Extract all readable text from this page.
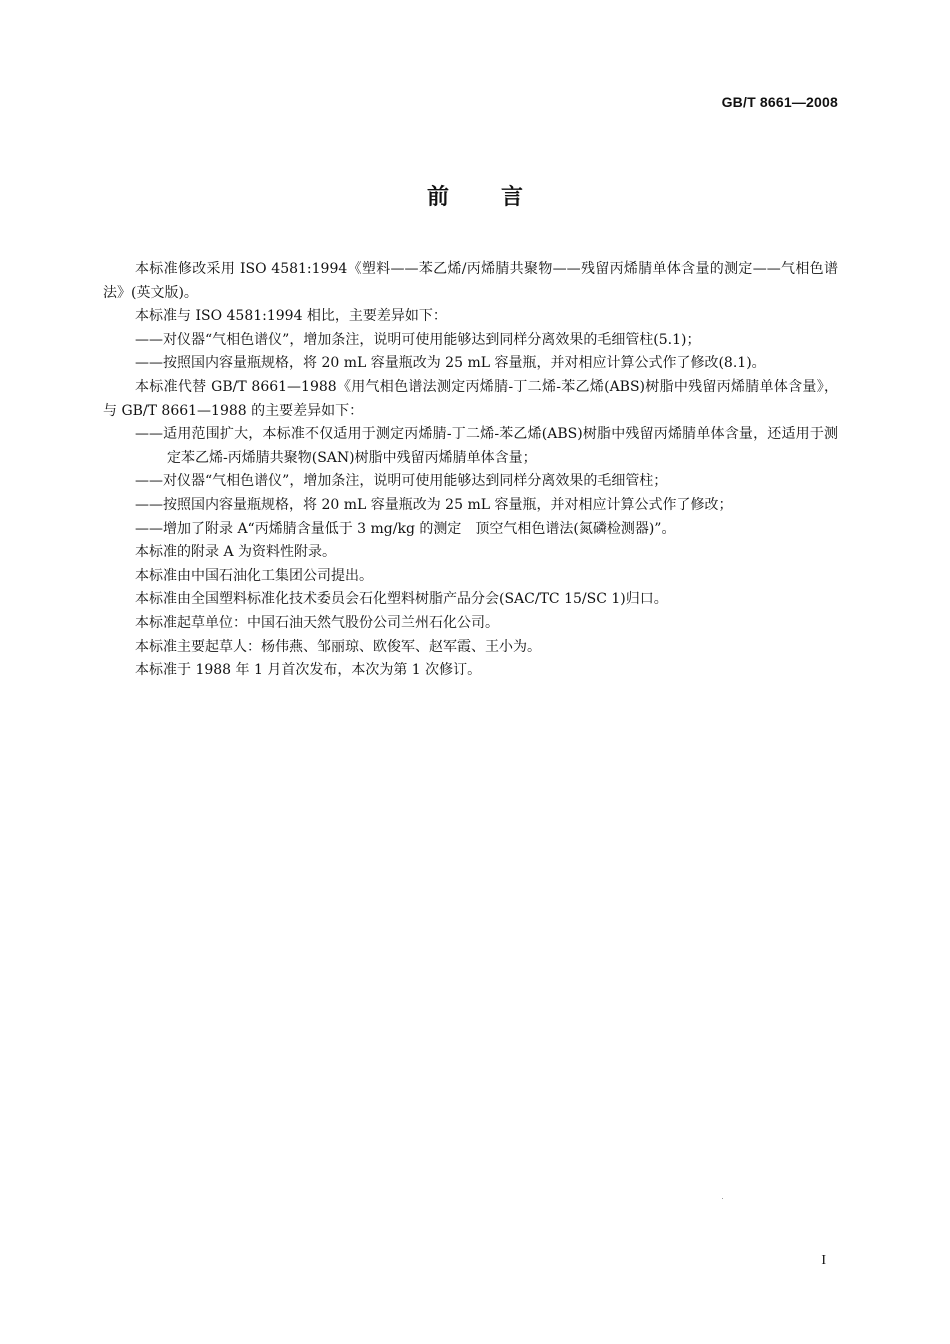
GB/T 8661—2008
前言
本标准修改采用 ISO 4581:1994《塑料——苯乙烯/丙烯腈共聚物——残留丙烯腈单体含量的测定——气相色谱法》(英文版)。
本标准与 ISO 4581:1994 相比，主要差异如下：
——对仪器“气相色谱仪”，增加条注，说明可使用能够达到同样分离效果的毛细管柱(5.1)；
——按照国内容量瓶规格，将 20 mL 容量瓶改为 25 mL 容量瓶，并对相应计算公式作了修改(8.1)。
本标准代替 GB/T 8661—1988《用气相色谱法测定丙烯腈-丁二烯-苯乙烯(ABS)树脂中残留丙烯腈单体含量》，与 GB/T 8661—1988 的主要差异如下：
——适用范围扩大，本标准不仅适用于测定丙烯腈-丁二烯-苯乙烯(ABS)树脂中残留丙烯腈单体含量，还适用于测定苯乙烯-丙烯腈共聚物(SAN)树脂中残留丙烯腈单体含量；
——对仪器“气相色谱仪”，增加条注，说明可使用能够达到同样分离效果的毛细管柱；
——按照国内容量瓶规格，将 20 mL 容量瓶改为 25 mL 容量瓶，并对相应计算公式作了修改；
——增加了附录 A“丙烯腈含量低于 3 mg/kg 的测定　顶空气相色谱法(氮磷检测器)”。
本标准的附录 A 为资料性附录。
本标准由中国石油化工集团公司提出。
本标准由全国塑料标准化技术委员会石化塑料树脂产品分会(SAC/TC 15/SC 1)归口。
本标准起草单位：中国石油天然气股份公司兰州石化公司。
本标准主要起草人：杨伟燕、邹丽琼、欧俊军、赵军霞、王小为。
本标准于 1988 年 1 月首次发布，本次为第 1 次修订。
I
